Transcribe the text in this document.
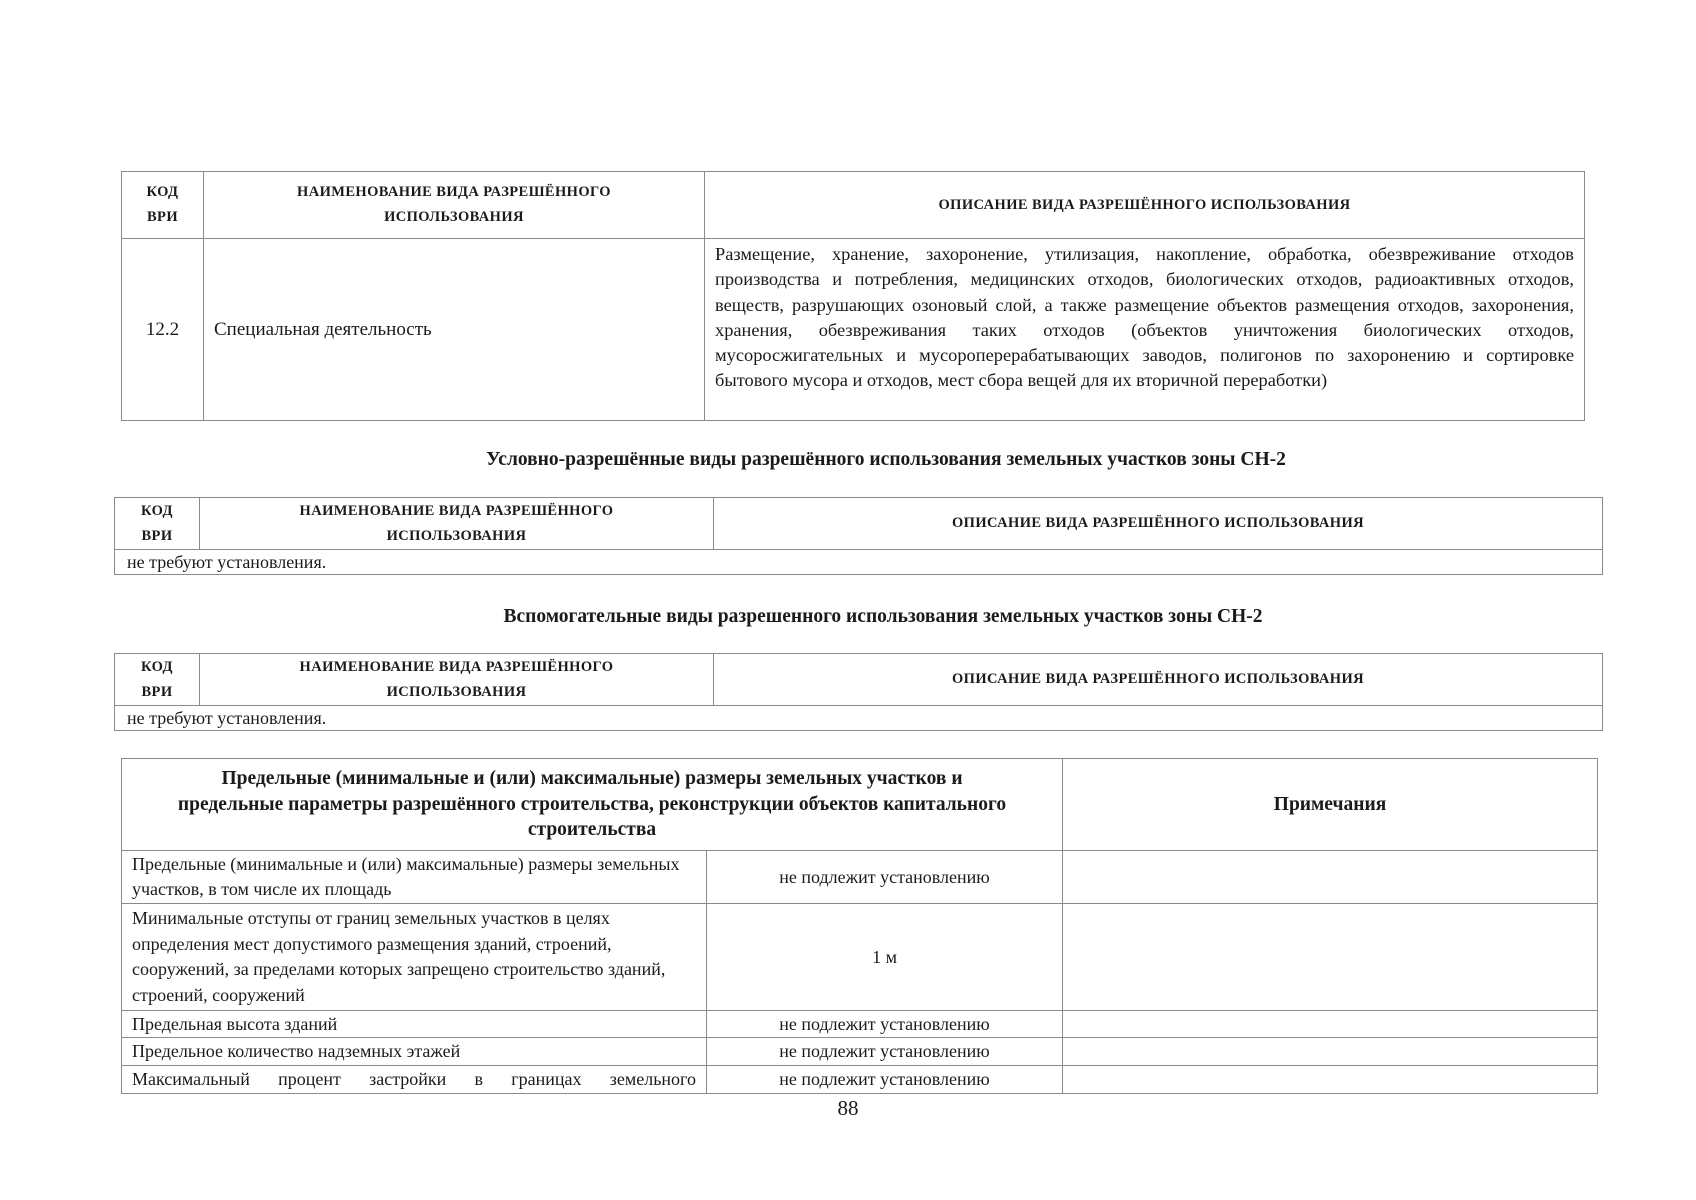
КОД ВРИ	НАИМЕНОВАНИЕ ВИДА РАЗРЕШЁННОГО ИСПОЛЬЗОВАНИЯ	ОПИСАНИЕ ВИДА РАЗРЕШЁННОГО ИСПОЛЬЗОВАНИЯ
12.2	Специальная деятельность	Размещение, хранение, захоронение, утилизация, накопление, обработка, обезвреживание отходов производства и потребления, медицинских отходов, биологических отходов, радиоактивных отходов, веществ, разрушающих озоновый слой, а также размещение объектов размещения отходов, захоронения, хранения, обезвреживания таких отходов (объектов уничтожения биологических отходов, мусоросжигательных и мусороперерабатывающих заводов, полигонов по захоронению и сортировке бытового мусора и отходов, мест сбора вещей для их вторичной переработки)
Условно-разрешённые виды разрешённого использования земельных участков зоны СН-2
КОД ВРИ	НАИМЕНОВАНИЕ ВИДА РАЗРЕШЁННОГО ИСПОЛЬЗОВАНИЯ	ОПИСАНИЕ ВИДА РАЗРЕШЁННОГО ИСПОЛЬЗОВАНИЯ
не требуют установления.
Вспомогательные виды разрешенного использования земельных участков зоны СН-2
КОД ВРИ	НАИМЕНОВАНИЕ ВИДА РАЗРЕШЁННОГО ИСПОЛЬЗОВАНИЯ	ОПИСАНИЕ ВИДА РАЗРЕШЁННОГО ИСПОЛЬЗОВАНИЯ
не требуют установления.
Предельные (минимальные и (или) максимальные) размеры земельных участков и предельные параметры разрешённого строительства, реконструкции объектов капитального строительства		Примечания
Предельные (минимальные и (или) максимальные) размеры земельных участков, в том числе их площадь	не подлежит установлению	
Минимальные отступы от границ земельных участков в целях определения мест допустимого размещения зданий, строений, сооружений, за пределами которых запрещено строительство зданий, строений, сооружений	1 м	
Предельная высота зданий	не подлежит установлению	
Предельное количество надземных этажей	не подлежит установлению	
Максимальный процент застройки в границах земельного	не подлежит установлению	
88
